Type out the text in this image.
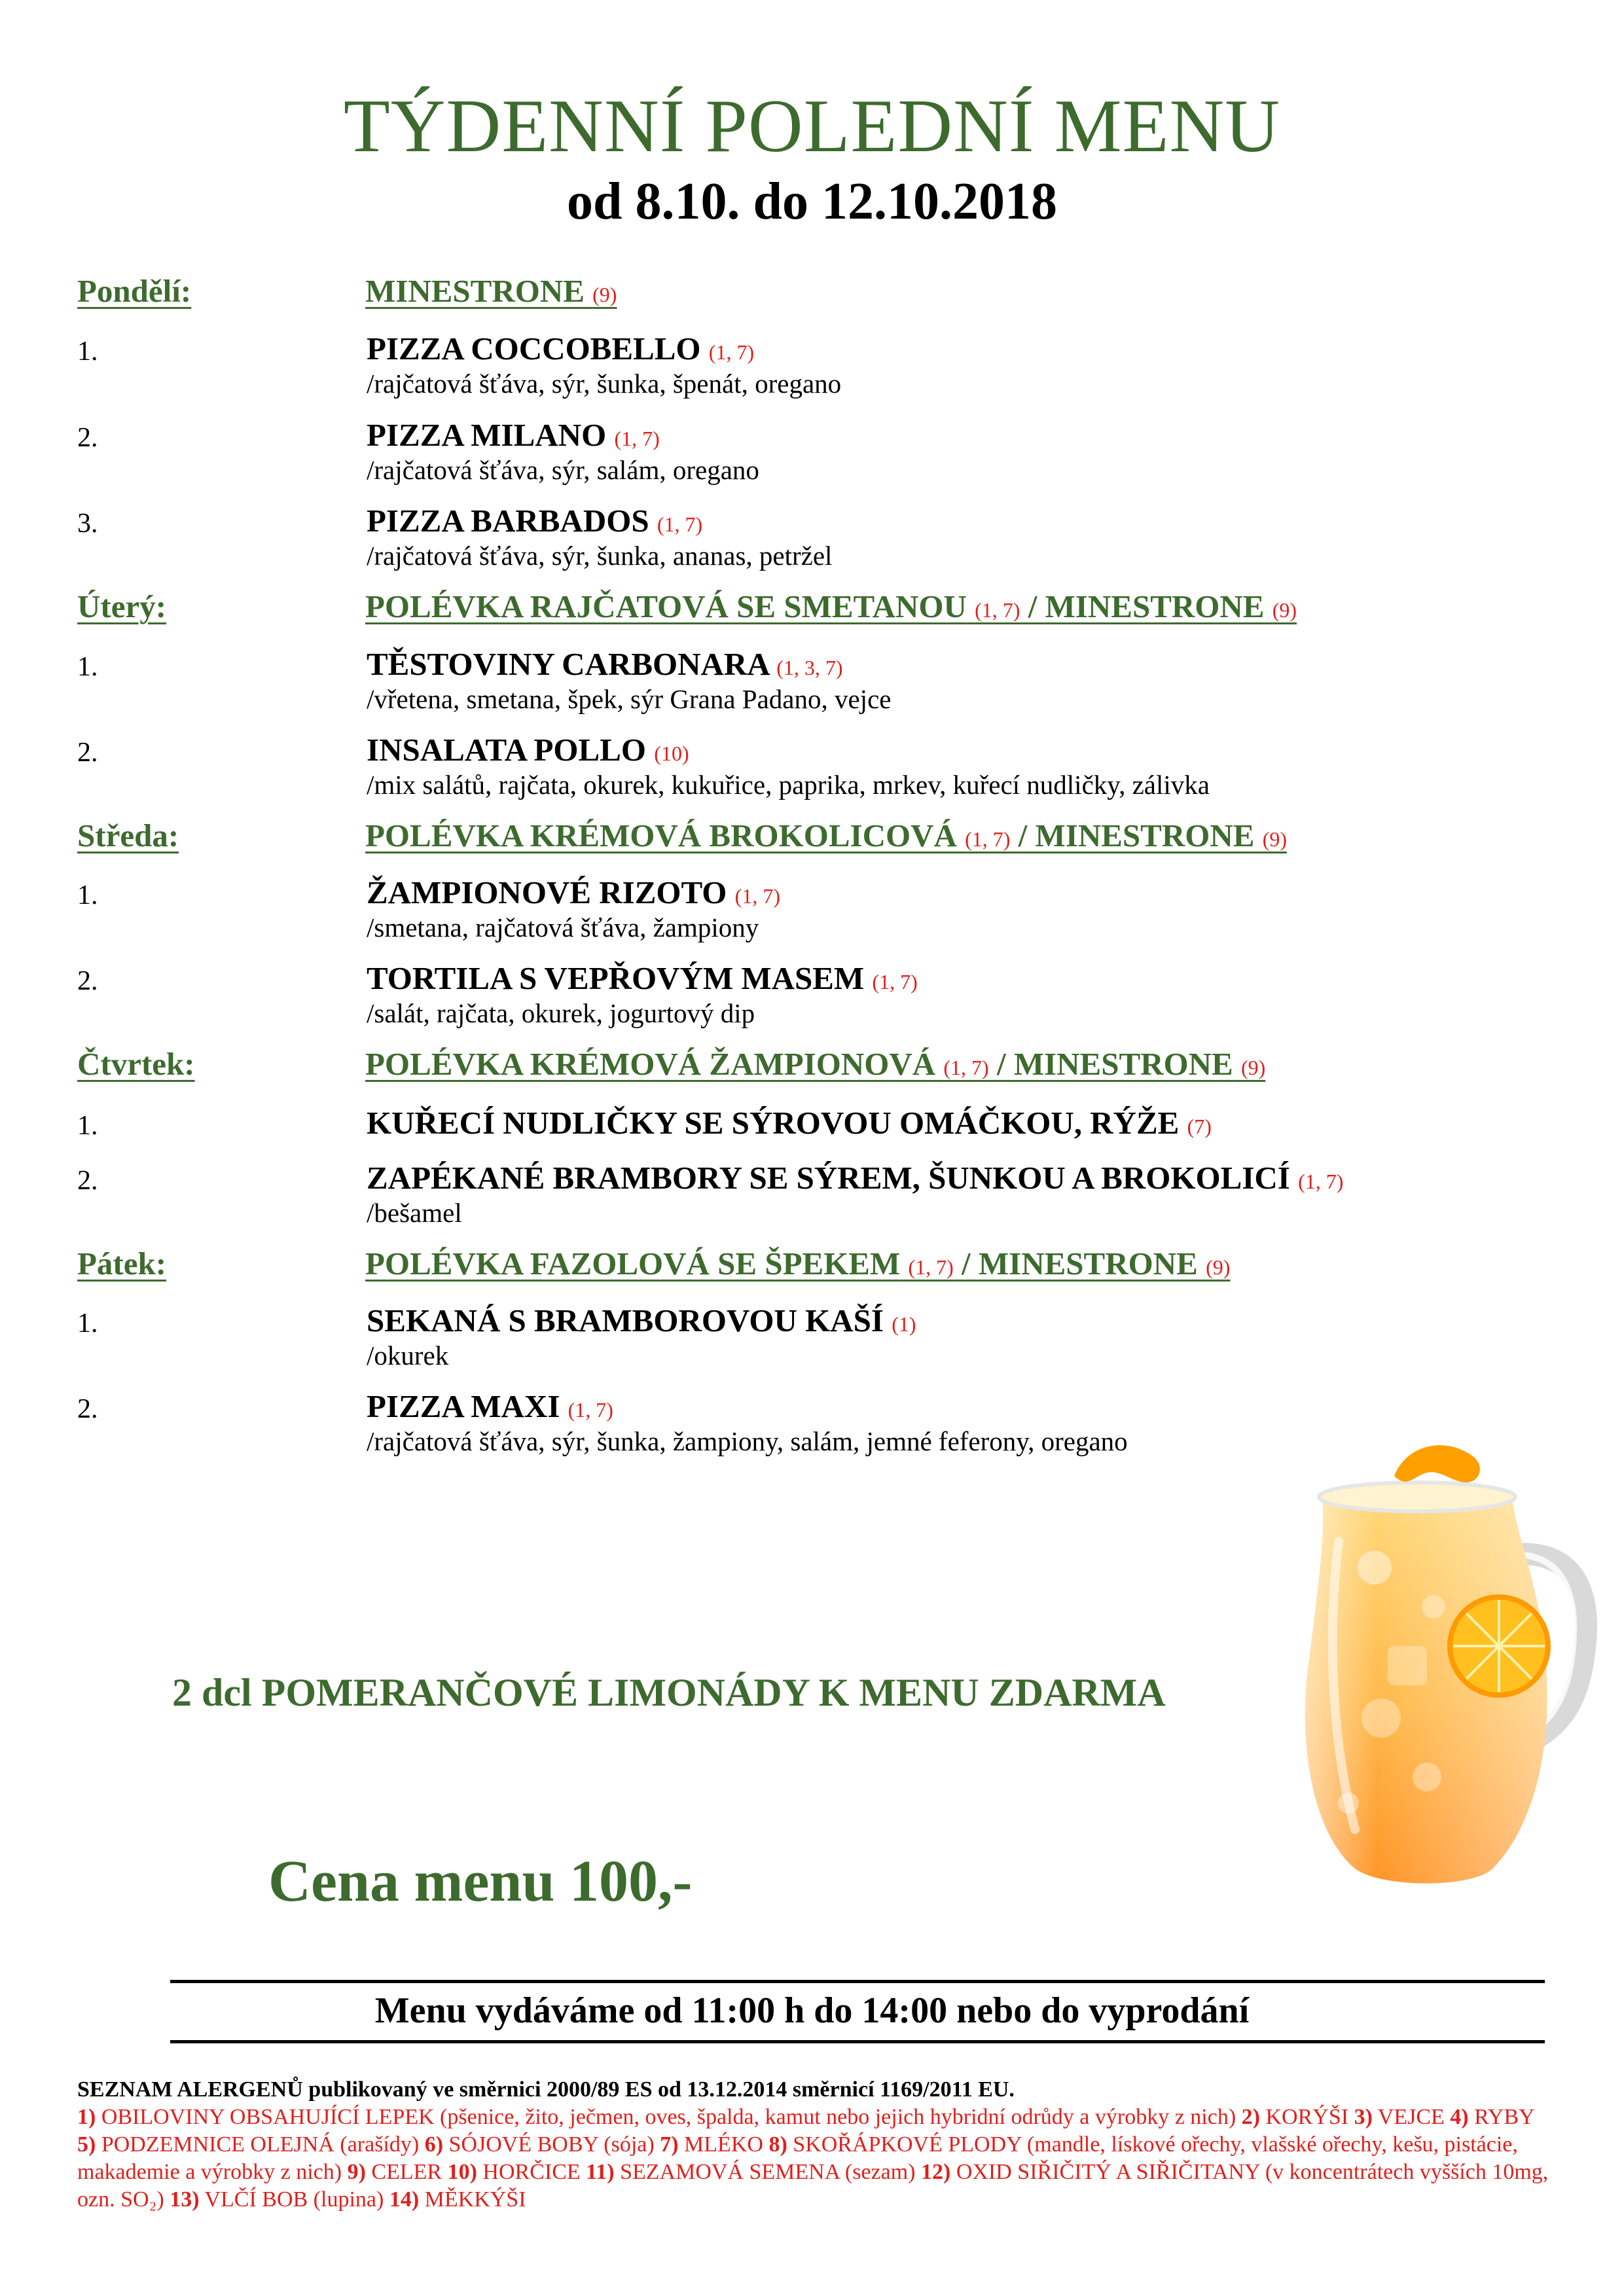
TÝDENNÍ POLEDNÍ MENU
od 8.10. do 12.10.2018
Pondělí:	MINESTRONE (9)
1.	PIZZA COCCOBELLO (1, 7)
/rajčatová šťáva, sýr, šunka, špenát, oregano
2.	PIZZA MILANO (1, 7)
/rajčatová šťáva, sýr, salám, oregano
3.	PIZZA BARBADOS (1, 7)
/rajčatová šťáva, sýr, šunka, ananas, petržel
Úterý:	POLÉVKA RAJČATOVÁ SE SMETANOU (1, 7) / MINESTRONE (9)
1.	TĚSTOVINY CARBONARA (1, 3, 7)
/vřetena, smetana, špek, sýr Grana Padano, vejce
2.	INSALATA POLLO (10)
/mix salátů, rajčata, okurek, kukuřice, paprika, mrkev, kuřecí nudličky, zálivka
Středa:	POLÉVKA KRÉMOVÁ BROKOLICOVÁ (1, 7) / MINESTRONE (9)
1.	ŽAMPIONOVÉ RIZOTO (1, 7)
/smetana, rajčatová šťáva, žampiony
2.	TORTILA S VEPŘOVÝM MASEM (1, 7)
/salát, rajčata, okurek, jogurtový dip
Čtvrtek:	POLÉVKA KRÉMOVÁ ŽAMPIONOVÁ (1, 7) / MINESTRONE (9)
1.	KUŘECÍ NUDLIČKY SE SÝROVOU OMÁČKOU, RÝŽE (7)
2.	ZAPÉKANÉ BRAMBORY SE SÝREM, ŠUNKOU A BROKOLICÍ (1, 7)
/bešamel
Pátek:	POLÉVKA FAZOLOVÁ SE ŠPEKEM (1, 7) / MINESTRONE (9)
1.	SEKANÁ S BRAMBOROVOU KAŠÍ (1)
/okurek
2.	PIZZA MAXI (1, 7)
/rajčatová šťáva, sýr, šunka, žampiony, salám, jemné feferony, oregano
2 dcl POMERANČOVÉ LIMONÁDY K MENU ZDARMA
Cena menu 100,-
Menu vydáváme od 11:00 h do 14:00 nebo do vyprodání
SEZNAM ALERGENŮ publikovaný ve směrnici 2000/89 ES od 13.12.2014 směrnicí 1169/2011 EU.
1) OBILOVINY OBSAHUJÍCÍ LEPEK (pšenice, žito, ječmen, oves, špalda, kamut nebo jejich hybridní odrůdy a výrobky z nich) 2) KORÝŠI 3) VEJCE 4) RYBY 5) PODZEMNICE OLEJNÁ (arašídy) 6) SÓJOVÉ BOBY (sója) 7) MLÉKO 8) SKOŘÁPKOVÉ PLODY (mandle, lískové ořechy, vlašské ořechy, kešu, pistácie, makademie a výrobky z nich) 9) CELER 10) HORČICE 11) SEZAMOVÁ SEMENA (sezam) 12) OXID SIŘIČITÝ A SIŘIČITANY (v koncentrátech vyšších 10mg, ozn. SO₂) 13) VLČÍ BOB (lupina) 14) MĚKKÝŠI
